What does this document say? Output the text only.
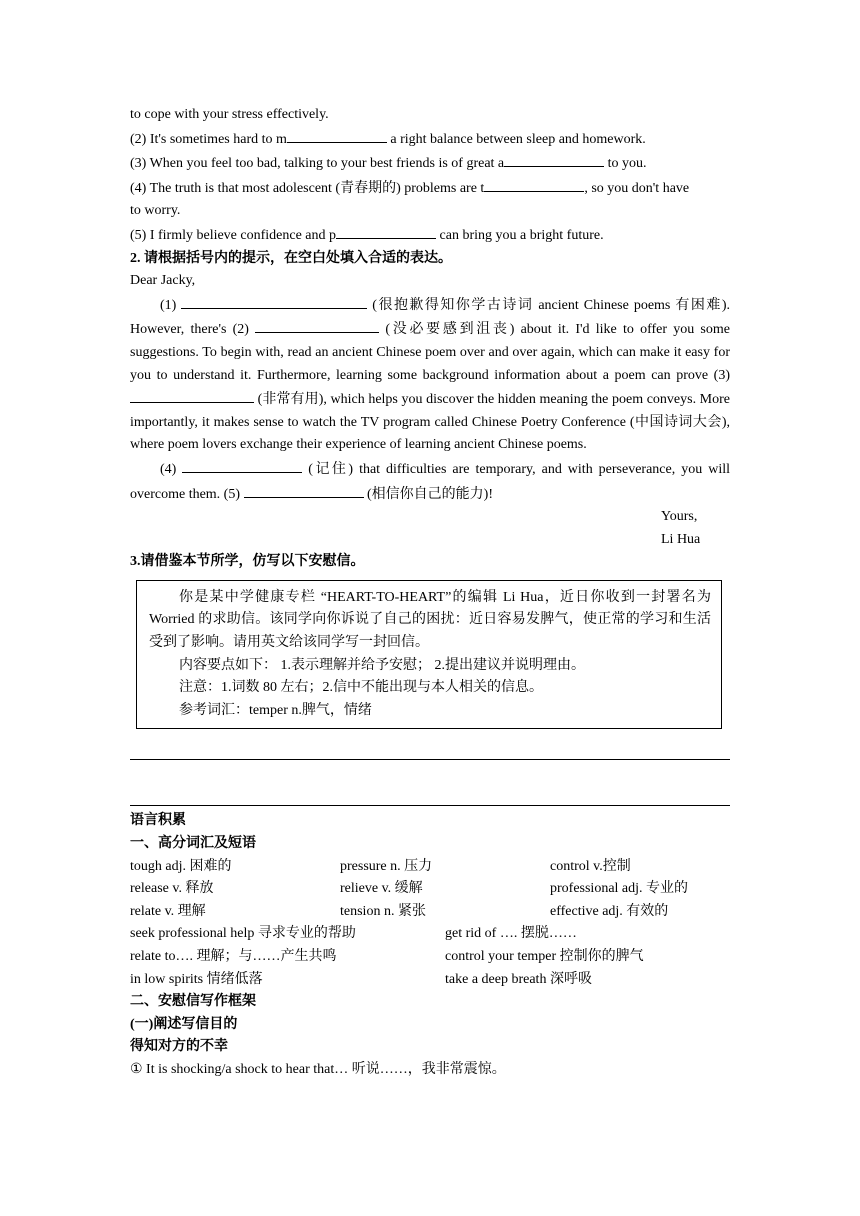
to cope with your stress effectively.

(2) It's sometimes hard to m	a right balance between sleep and homework.

(3) When you feel too bad, talking to your best friends is of great a	to you.

(4) The truth is that most adolescent (青春期的) problems are t	, so you don't have

to worry.

(5) I firmly believe confidence and p	can bring you a bright future.

2. 请根据括号内的提示，在空白处填入合适的表达。

Dear Jacky,

(1)	(很抱歉得知你学古诗词 ancient Chinese poems 有困难). However, there's (2)	(没必要感到沮丧) about it. I'd like to offer you some suggestions. To begin with, read an ancient Chinese poem over and over again, which can make it easy for you to understand it. Furthermore, learning some background information about a poem can prove (3)  (非常有用), which helps you discover the hidden meaning the poem conveys. More importantly, it makes sense to watch the TV program called Chinese Poetry Conference (中国诗词大会), where poem lovers exchange their experience of learning ancient Chinese poems.

(4)	(记住) that difficulties are temporary, and with perseverance, you will overcome them. (5)	(相信你自己的能力)!

Yours,

Li Hua

3.请借鉴本节所学，仿写以下安慰信。

你是某中学健康专栏 “HEART-TO-HEART”的编辑 Li Hua，近日你收到一封署名为 Worried 的求助信。该同学向你诉说了自己的困扰：近日容易发脾气，使正常的学习和生活受到了影响。请用英文给该同学写一封回信。

内容要点如下： 1.表示理解并给予安慰； 2.提出建议并说明理由。

注意：1.词数 80 左右；2.信中不能出现与本人相关的信息。

参考词汇：temper n.脾气，情绪

语言积累

一、高分词汇及短语

tough adj. 困难的	pressure n. 压力	control v.控制
release v. 释放	relieve v. 缓解	professional adj. 专业的
relate v. 理解	tension n. 紧张	effective adj. 有效的
seek professional help 寻求专业的帮助	get rid of …. 摆脱……
relate to…. 理解；与……产生共鸣	control your temper 控制你的脾气
in low spirits 情绪低落	take a deep breath 深呼吸

二、安慰信写作框架

(一)阐述写信目的

得知对方的不幸

① It is shocking/a shock to hear that… 听说……，我非常震惊。
